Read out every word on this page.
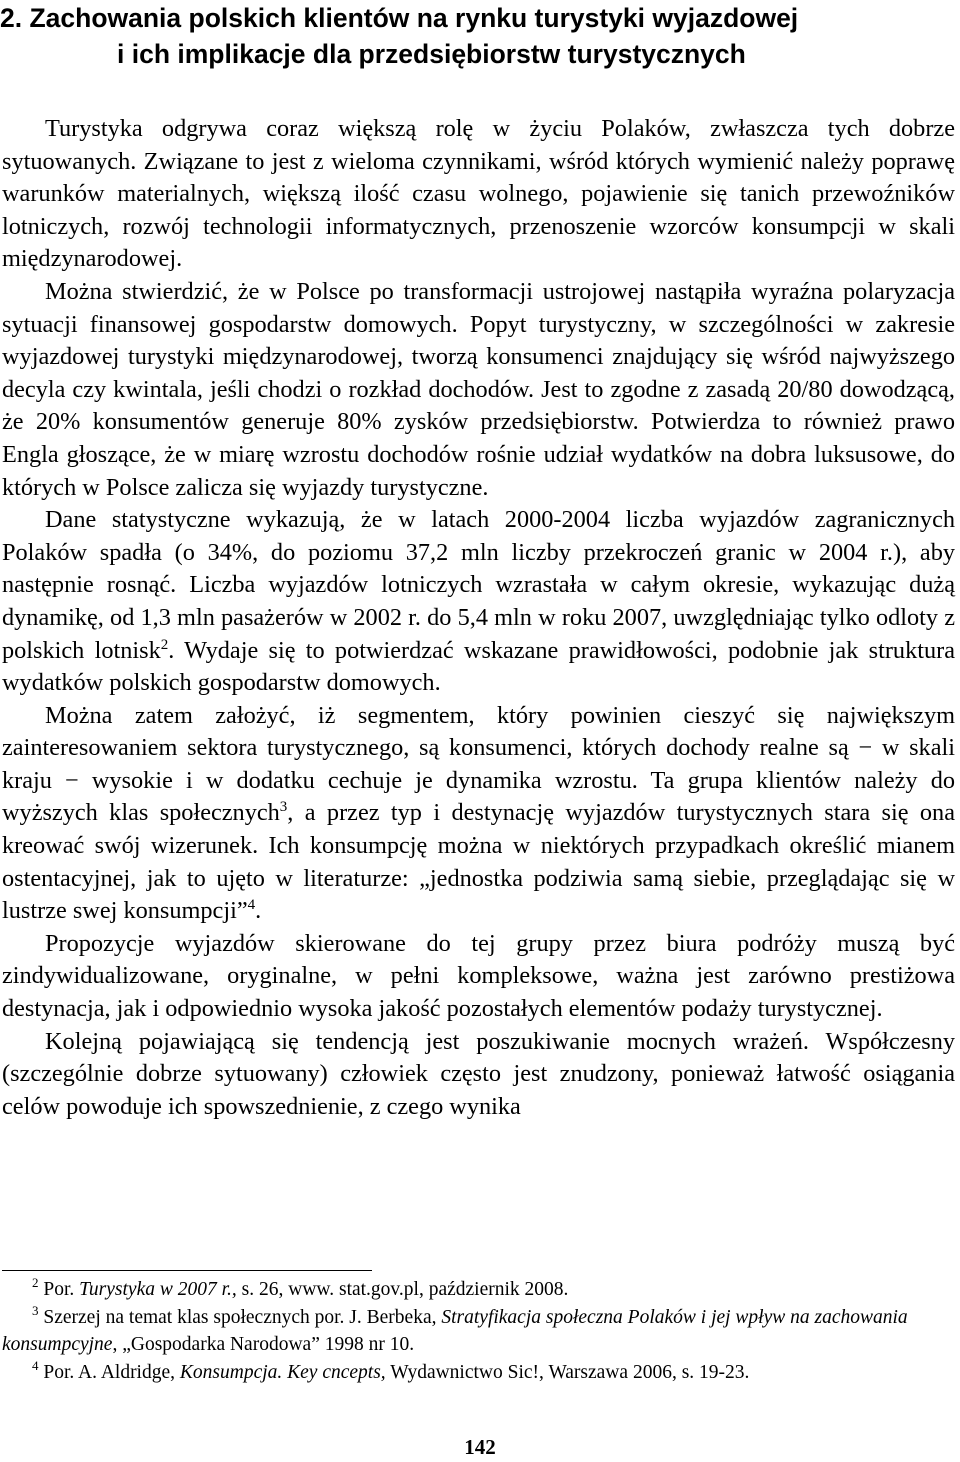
2. Zachowania polskich klientów na rynku turystyki wyjazdowej
i ich implikacje dla przedsiębiorstw turystycznych

Turystyka odgrywa coraz większą rolę w życiu Polaków, zwłaszcza tych dobrze sytuowanych. Związane to jest z wieloma czynnikami, wśród których wymienić należy poprawę warunków materialnych, większą ilość czasu wolnego, pojawienie się tanich przewoźników lotniczych, rozwój technologii informatycznych, przenoszenie wzorców konsumpcji w skali międzynarodowej.

Można stwierdzić, że w Polsce po transformacji ustrojowej nastąpiła wyraźna polaryzacja sytuacji finansowej gospodarstw domowych. Popyt turystyczny, w szczególności w zakresie wyjazdowej turystyki międzynarodowej, tworzą konsumenci znajdujący się wśród najwyższego decyla czy kwintala, jeśli chodzi o rozkład dochodów. Jest to zgodne z zasadą 20/80 dowodzącą, że 20% konsumentów generuje 80% zysków przedsiębiorstw. Potwierdza to również prawo Engla głoszące, że w miarę wzrostu dochodów rośnie udział wydatków na dobra luksusowe, do których w Polsce zalicza się wyjazdy turystyczne.

Dane statystyczne wykazują, że w latach 2000-2004 liczba wyjazdów zagranicznych Polaków spadła (o 34%, do poziomu 37,2 mln liczby przekroczeń granic w 2004 r.), aby następnie rosnąć. Liczba wyjazdów lotniczych wzrastała w całym okresie, wykazując dużą dynamikę, od 1,3 mln pasażerów w 2002 r. do 5,4 mln w roku 2007, uwzględniając tylko odloty z polskich lotnisk$^2$. Wydaje się to potwierdzać wskazane prawidłowości, podobnie jak struktura wydatków polskich gospodarstw domowych.

Można zatem założyć, iż segmentem, który powinien cieszyć się największym zainteresowaniem sektora turystycznego, są konsumenci, których dochody realne są − w skali kraju − wysokie i w dodatku cechuje je dynamika wzrostu. Ta grupa klientów należy do wyższych klas społecznych$^3$, a przez typ i destynację wyjazdów turystycznych stara się ona kreować swój wizerunek. Ich konsumpcję można w niektórych przypadkach określić mianem ostentacyjnej, jak to ujęto w literaturze: „jednostka podziwia samą siebie, przeglądając się w lustrze swej konsumpcji”$^4$.

Propozycje wyjazdów skierowane do tej grupy przez biura podróży muszą być zindywidualizowane, oryginalne, w pełni kompleksowe, ważna jest zarówno prestiżowa destynacja, jak i odpowiednio wysoka jakość pozostałych elementów podaży turystycznej.

Kolejną pojawiającą się tendencją jest poszukiwanie mocnych wrażeń. Współczesny (szczególnie dobrze sytuowany) człowiek często jest znudzony, ponieważ łatwość osiągania celów powoduje ich spowszednienie, z czego wynika

$^2$ Por. Turystyka w 2007 r., s. 26, www. stat.gov.pl, październik 2008.

$^3$ Szerzej na temat klas społecznych por. J. Berbeka, Stratyfikacja społeczna Polaków i jej wpływ na zachowania konsumpcyjne, „Gospodarka Narodowa” 1998 nr 10.

$^4$ Por. A. Aldridge, Konsumpcja. Key cncepts, Wydawnictwo Sic!, Warszawa 2006, s. 19-23.

142
